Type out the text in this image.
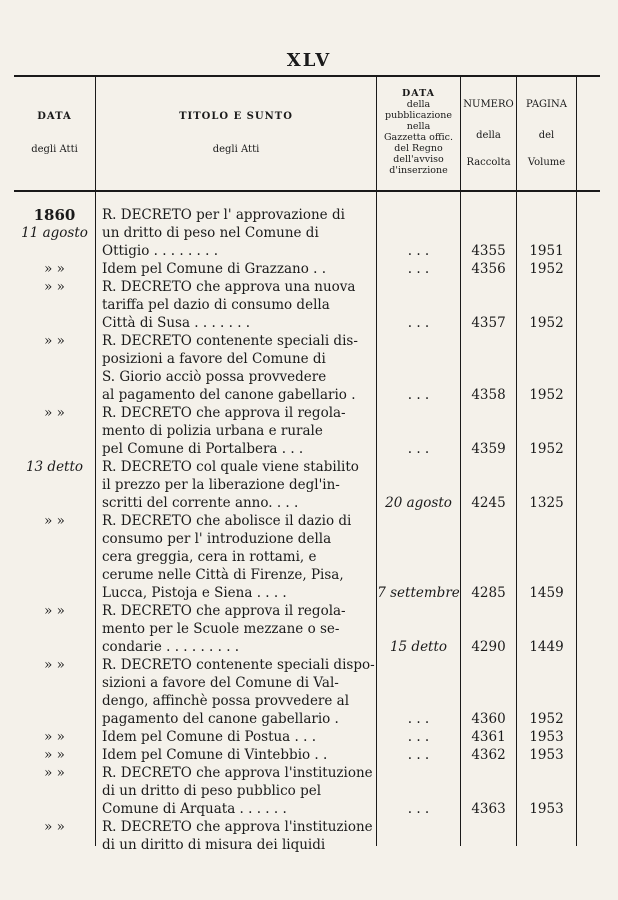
XLV
DATA
degli Atti
TITOLO E SUNTO
degli Atti
DATA
della
pubblicazione
nella
Gazzetta offic.
del Regno
dell'avviso
d'inserzione
NUMERO
della
Raccolta
PAGINA
del
Volume
1860
11 agosto
R. DECRETO per l' approvazione di
un dritto di peso nel Comune di
Ottigio . . . . . . . .	. . .	4355	1951
» »	Idem pel Comune di Grazzano . .	. . .	4356	1952
» »	R. DECRETO che approva una nuova
tariffa pel dazio di consumo della
Città di Susa . . . . . . .	. . .	4357	1952
» »	R. DECRETO contenente speciali dis-
posizioni a favore del Comune di
S. Giorio acciò possa provvedere
al pagamento del canone gabellario .	. . .	4358	1952
» »	R. DECRETO che approva il regola-
mento di polizia urbana e rurale
pel Comune di Portalbera . . .	. . .	4359	1952
13 detto	R. DECRETO col quale viene stabilito
il prezzo per la liberazione degl'in-
scritti del corrente anno. . . .	20 agosto	4245	1325
» »	R. DECRETO che abolisce il dazio di
consumo per l' introduzione della
cera greggia, cera in rottami, e
cerume nelle Città di Firenze, Pisa,
Lucca, Pistoja e Siena . . . .	7 settembre 4285	1459
» »	R. DECRETO che approva il regola-
mento per le Scuole mezzane o se-
condarie . . . . . . . . .	15 detto	4290	1449
» »	R. DECRETO contenente speciali dispo-
sizioni a favore del Comune di Val-
dengo, affinchè possa provvedere al
pagamento del canone gabellario .	. . .	4360	1952
» »	Idem pel Comune di Postua . . .	. . .	4361	1953
» »	Idem pel Comune di Vintebbio . .	. . .	4362	1953
» »	R. DECRETO che approva l'instituzione
di un dritto di peso pubblico pel
Comune di Arquata . . . . . .	. . .	4363	1953
» »	R. DECRETO che approva l'instituzione
di un diritto di misura dei liquidi
